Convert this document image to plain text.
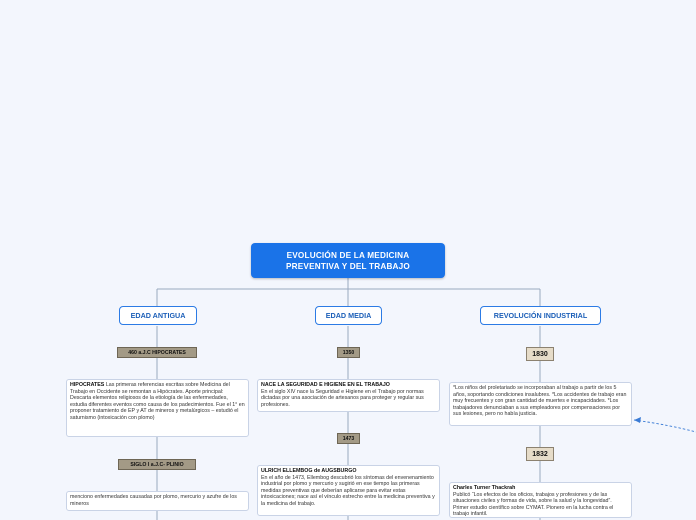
EVOLUCIÓN DE LA MEDICINA
PREVENTIVA Y DEL TRABAJO
EDAD ANTIGUA	EDAD MEDIA	REVOLUCIÓN INDUSTRIAL
460 a.J.C HIPOCRATES
HIPOCRATES Las primeras referencias escritas sobre Medicina del Trabajo en Occidente se remontan a Hipócrates. Aporte principal: Descarta elementos religiosos de la etiología de las enfermedades, estudia diferentes eventos como causa de los padecimientos. Fue el 1° en proponer tratamiento de EP y AT de mineros y metalúrgicos – estudió el saturnismo (intoxicación con plomo)
SIGLO I a.J.C- PLINIO
menciono enfermedades causadas por plomo, mercurio y azufre de los mineros
1350
NACE LA SEGURIDAD E HIGIENE EN EL TRABAJO
En el siglo XIV nace la Seguridad e Higiene en el Trabajo por normas dictadas por una asociación de artesanos para proteger y regular sus profesiones.
1473
ULRICH ELLEMBOG de AUGSBURGO
En el año de 1473, Ellembog descubrió los síntomas del envenenamiento industrial por plomo y mercurio y sugirió en ese tiempo las primeras medidas preventivas que deberían aplicarse para evitar estas intoxicaciones; nace así el vínculo estrecho entre la medicina preventiva y la medicina del trabajo.
1830
*Los niños del proletariado se incorporaban al trabajo a partir de los 5 años, soportando condiciones insalubres. *Los accidentes de trabajo eran muy frecuentes y con gran cantidad de muertes e incapacidades. *Los trabajadores denunciaban a sus empleadores por compensaciones por sus lesiones, pero no había justicia.
1832
Charles Turner Thackrah
Publicó “Los efectos de los oficios, trabajos y profesiones y de las situaciones civiles y formas de vida, sobre la salud y la longevidad”. Primer estudio científico sobre CYMAT. Pionero en la lucha contra el trabajo infantil.
